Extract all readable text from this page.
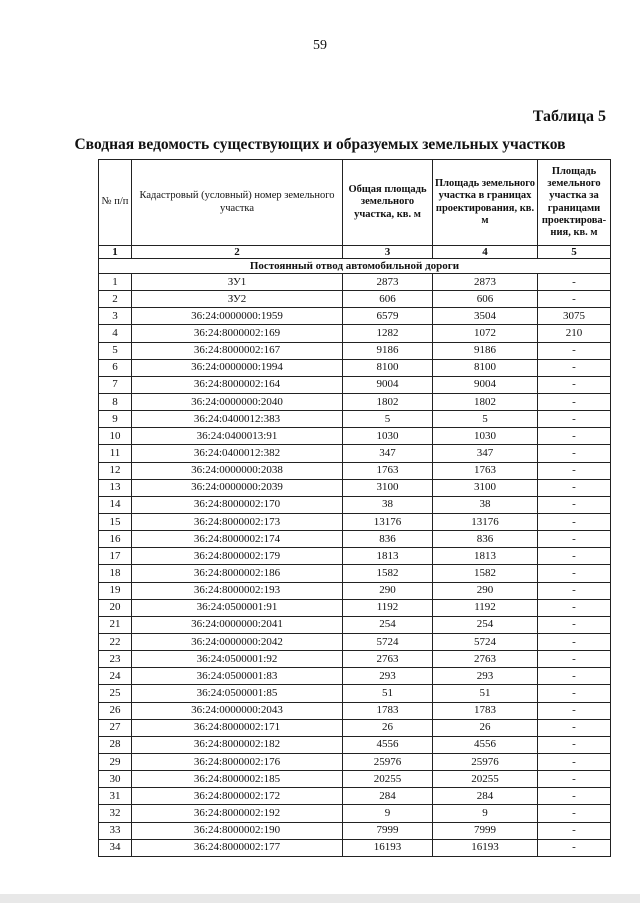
59
Таблица 5
Сводная ведомость существующих и образуемых земельных участков
№ п/п	Кадастровый (условный) номер земельного участка	Общая площадь земельного участка, кв. м	Площадь земельного участка в границах проектирования, кв. м	Площадь земельного участка за границами проектирова-ния, кв. м
1	2	3	4	5
Постоянный отвод автомобильной дороги				
1	ЗУ1	2873	2873	-
2	ЗУ2	606	606	-
3	36:24:0000000:1959	6579	3504	3075
4	36:24:8000002:169	1282	1072	210
5	36:24:8000002:167	9186	9186	-
6	36:24:0000000:1994	8100	8100	-
7	36:24:8000002:164	9004	9004	-
8	36:24:0000000:2040	1802	1802	-
9	36:24:0400012:383	5	5	-
10	36:24:0400013:91	1030	1030	-
11	36:24:0400012:382	347	347	-
12	36:24:0000000:2038	1763	1763	-
13	36:24:0000000:2039	3100	3100	-
14	36:24:8000002:170	38	38	-
15	36:24:8000002:173	13176	13176	-
16	36:24:8000002:174	836	836	-
17	36:24:8000002:179	1813	1813	-
18	36:24:8000002:186	1582	1582	-
19	36:24:8000002:193	290	290	-
20	36:24:0500001:91	1192	1192	-
21	36:24:0000000:2041	254	254	-
22	36:24:0000000:2042	5724	5724	-
23	36:24:0500001:92	2763	2763	-
24	36:24:0500001:83	293	293	-
25	36:24:0500001:85	51	51	-
26	36:24:0000000:2043	1783	1783	-
27	36:24:8000002:171	26	26	-
28	36:24:8000002:182	4556	4556	-
29	36:24:8000002:176	25976	25976	-
30	36:24:8000002:185	20255	20255	-
31	36:24:8000002:172	284	284	-
32	36:24:8000002:192	9	9	-
33	36:24:8000002:190	7999	7999	-
34	36:24:8000002:177	16193	16193	-
